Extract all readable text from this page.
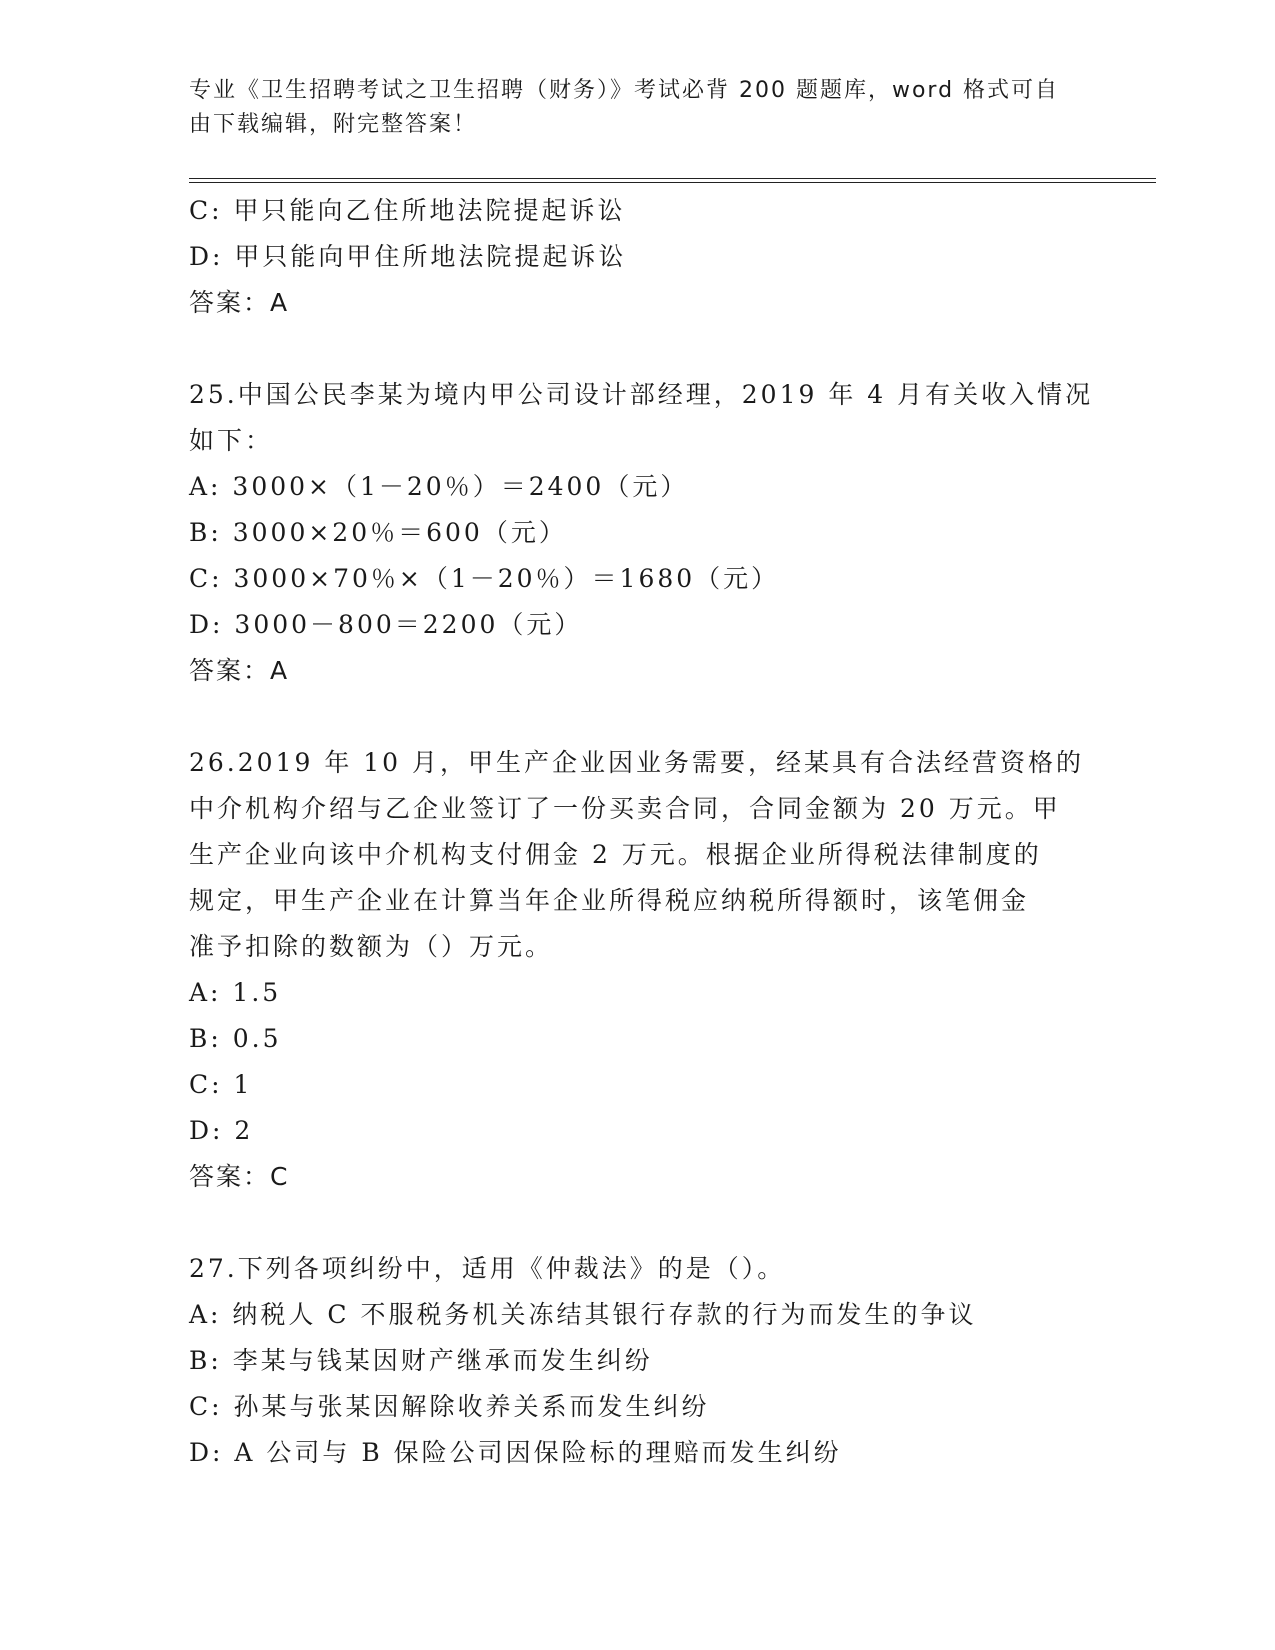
专业《卫生招聘考试之卫生招聘（财务）》考试必背 200 题题库，word 格式可自
由下载编辑，附完整答案！
C: 甲只能向乙住所地法院提起诉讼
D: 甲只能向甲住所地法院提起诉讼
答案：A
25.中国公民李某为境内甲公司设计部经理，2019 年 4 月有关收入情况
如下：
A: 3000×（1－20％）＝2400（元）
B: 3000×20％＝600（元）
C: 3000×70％×（1－20％）＝1680（元）
D: 3000－800＝2200（元）
答案：A
26.2019 年 10 月，甲生产企业因业务需要，经某具有合法经营资格的
中介机构介绍与乙企业签订了一份买卖合同，合同金额为 20 万元。甲
生产企业向该中介机构支付佣金 2 万元。根据企业所得税法律制度的
规定，甲生产企业在计算当年企业所得税应纳税所得额时，该笔佣金
准予扣除的数额为（）万元。
A: 1.5
B: 0.5
C: 1
D: 2
答案：C
27.下列各项纠纷中，适用《仲裁法》的是（）。
A: 纳税人 C 不服税务机关冻结其银行存款的行为而发生的争议
B: 李某与钱某因财产继承而发生纠纷
C: 孙某与张某因解除收养关系而发生纠纷
D: A 公司与 B 保险公司因保险标的理赔而发生纠纷
